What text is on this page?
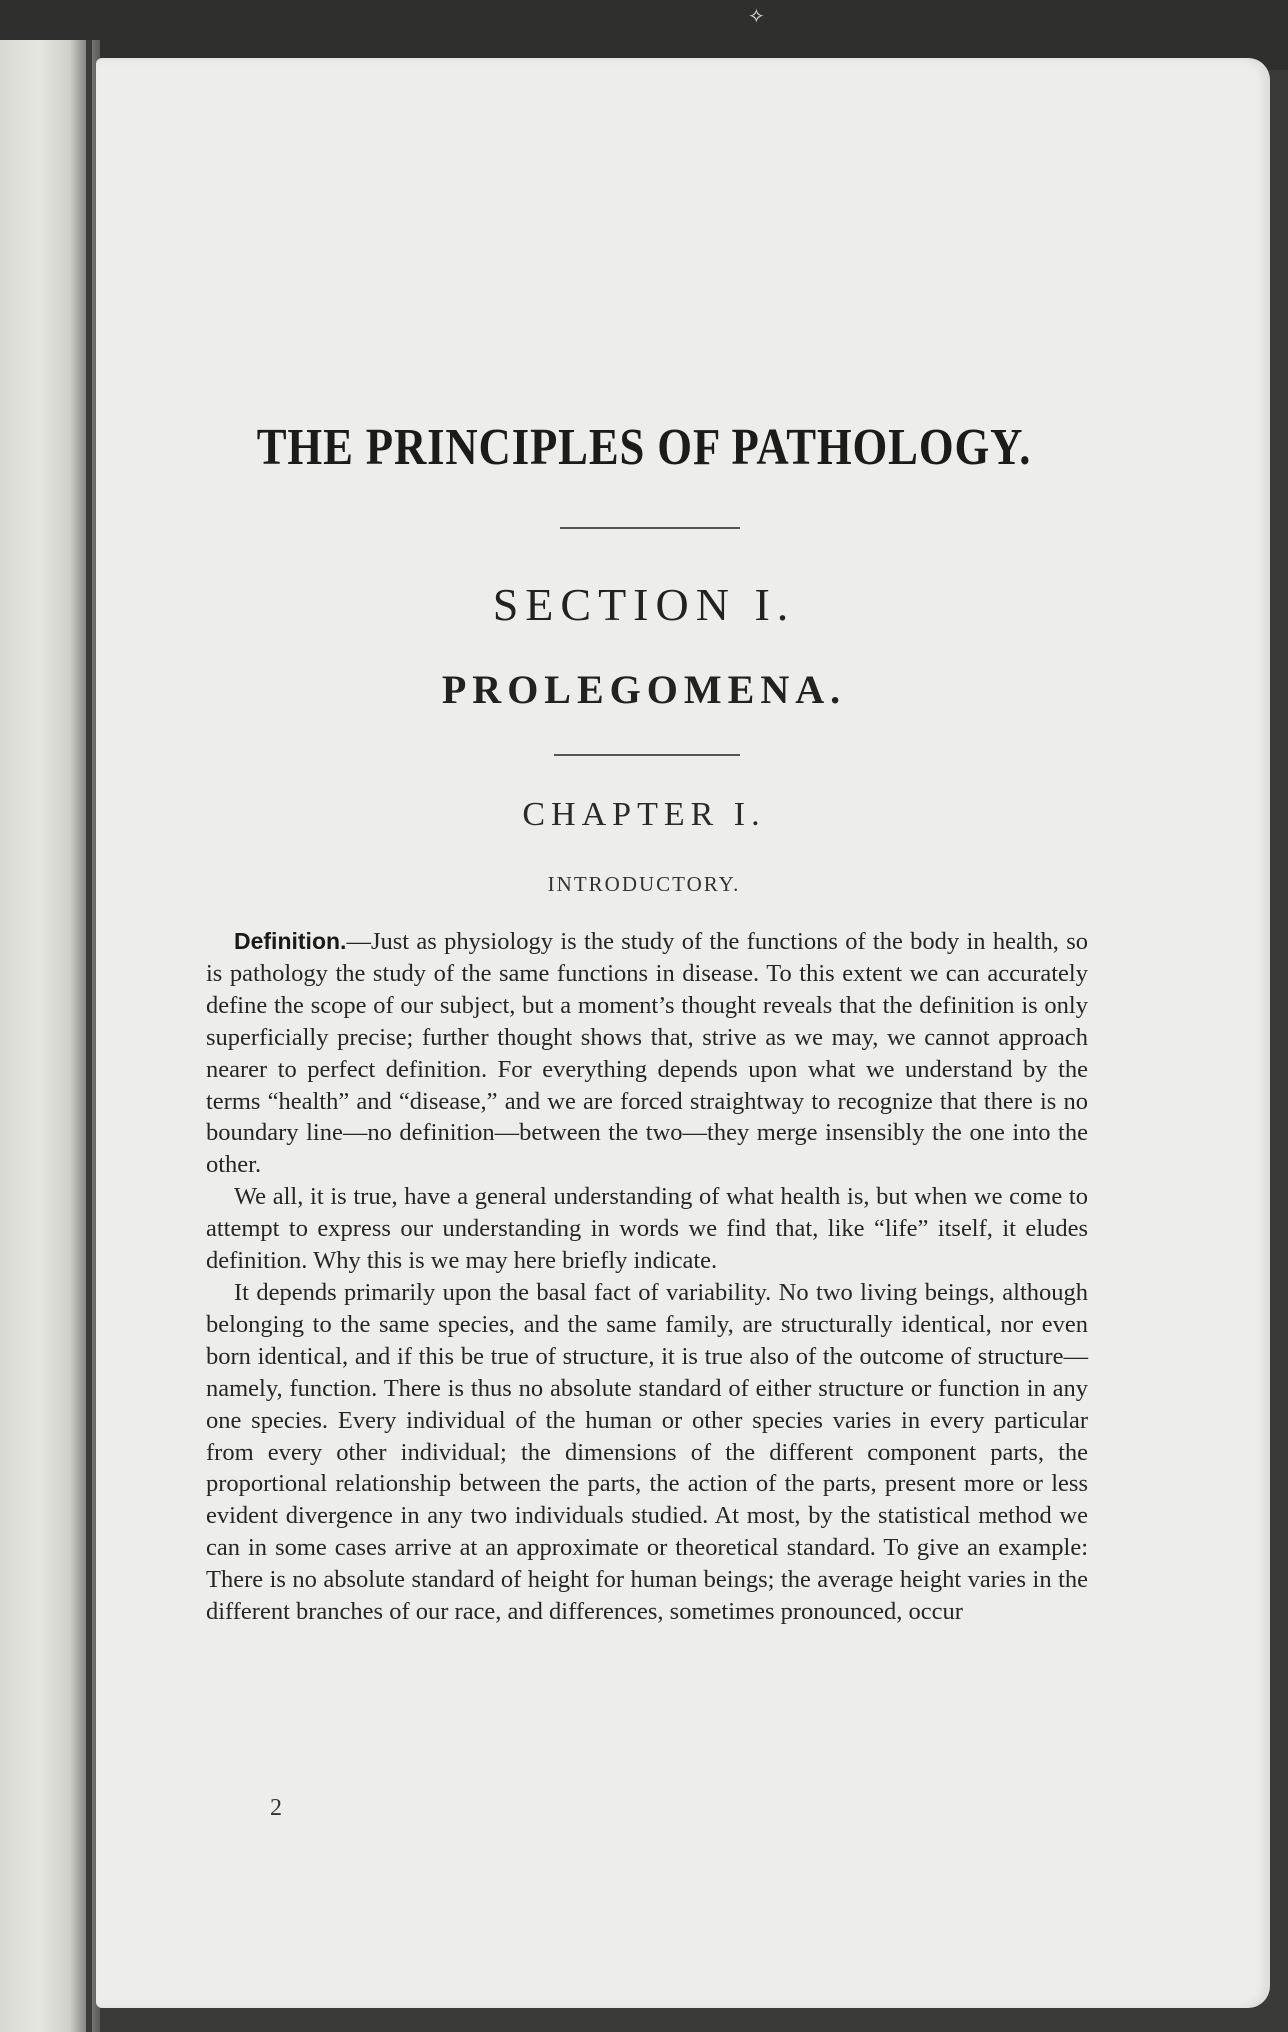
✧
THE PRINCIPLES OF PATHOLOGY.
SECTION I.
PROLEGOMENA.
CHAPTER I.
INTRODUCTORY.

Definition.—Just as physiology is the study of the functions of the body in health, so is pathology the study of the same functions in disease. To this extent we can accurately define the scope of our subject, but a moment’s thought reveals that the definition is only superficially precise; further thought shows that, strive as we may, we cannot approach nearer to perfect definition. For everything depends upon what we understand by the terms “health” and “disease,” and we are forced straightway to recognize that there is no boundary line—no definition—between the two—they merge insensibly the one into the other.

We all, it is true, have a general understanding of what health is, but when we come to attempt to express our understanding in words we find that, like “life” itself, it eludes definition. Why this is we may here briefly indicate.

It depends primarily upon the basal fact of variability. No two living beings, although belonging to the same species, and the same family, are structurally identical, nor even born identical, and if this be true of structure, it is true also of the outcome of structure—namely, function. There is thus no absolute standard of either structure or function in any one species. Every individual of the human or other species varies in every particular from every other individual; the dimensions of the different component parts, the proportional relationship between the parts, the action of the parts, present more or less evident divergence in any two individuals studied. At most, by the statistical method we can in some cases arrive at an approximate or theoretical standard. To give an example: There is no absolute standard of height for human beings; the average height varies in the different branches of our race, and differences, sometimes pronounced, occur

2
